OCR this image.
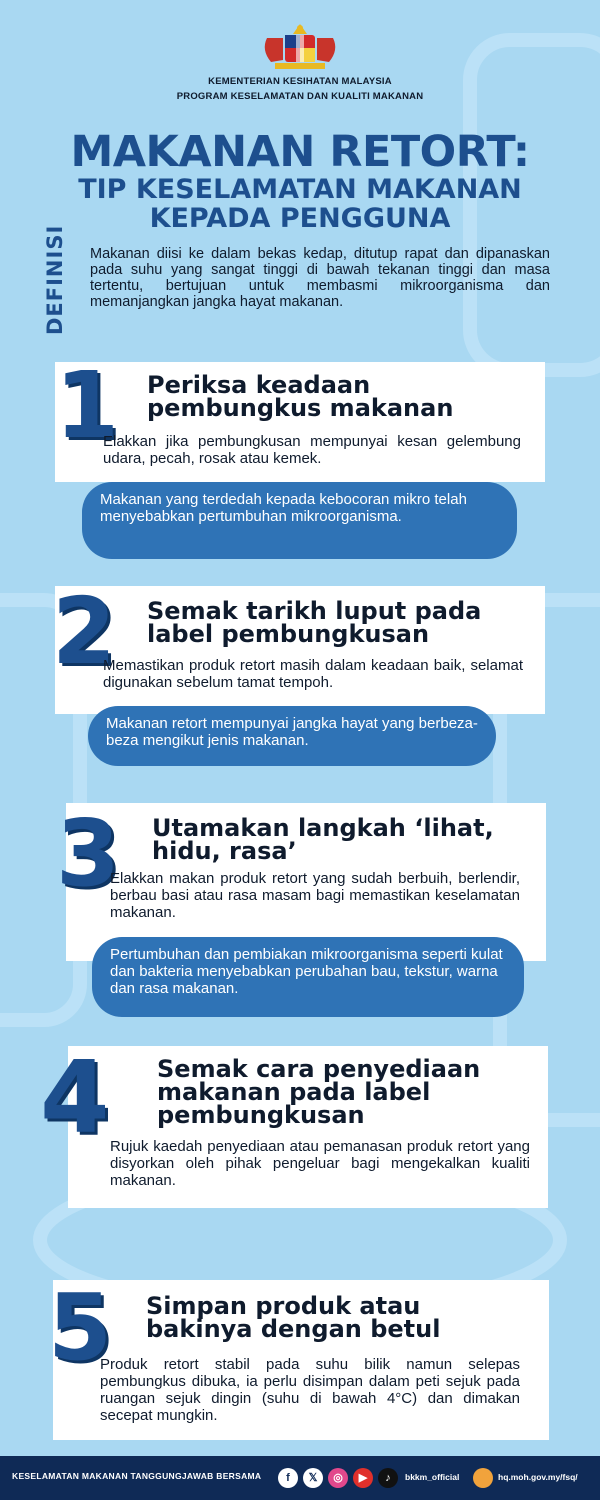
KEMENTERIAN KESIHATAN MALAYSIA
PROGRAM KESELAMATAN DAN KUALITI MAKANAN
MAKANAN RETORT:
TIP KESELAMATAN MAKANAN
KEPADA PENGGUNA
DEFINISI Makanan diisi ke dalam bekas kedap, ditutup rapat dan dipanaskan pada suhu yang sangat tinggi di bawah tekanan tinggi dan masa tertentu, bertujuan untuk membasmi mikroorganisma dan memanjangkan jangka hayat makanan.
1 Periksa keadaan pembungkus makanan
Elakkan jika pembungkusan mempunyai kesan gelembung udara, pecah, rosak atau kemek.
Makanan yang terdedah kepada kebocoran mikro telah menyebabkan pertumbuhan mikroorganisma.
2 Semak tarikh luput pada label pembungkusan
Memastikan produk retort masih dalam keadaan baik, selamat digunakan sebelum tamat tempoh.
Makanan retort mempunyai jangka hayat yang berbeza-beza mengikut jenis makanan.
3 Utamakan langkah ‘lihat, hidu, rasa’
Elakkan makan produk retort yang sudah berbuih, berlendir, berbau basi atau rasa masam bagi memastikan keselamatan makanan.
Pertumbuhan dan pembiakan mikroorganisma seperti kulat dan bakteria menyebabkan perubahan bau, tekstur, warna dan rasa makanan.
4 Semak cara penyediaan makanan pada label pembungkusan
Rujuk kaedah penyediaan atau pemanasan produk retort yang disyorkan oleh pihak pengeluar bagi mengekalkan kualiti makanan.
5 Simpan produk atau bakinya dengan betul
Produk retort stabil pada suhu bilik namun selepas pembungkus dibuka, ia perlu disimpan dalam peti sejuk pada ruangan sejuk dingin (suhu di bawah 4°C) dan dimakan secepat mungkin.
KESELAMATAN MAKANAN TANGGUNGJAWAB BERSAMA	f	𝕏	◎	▶	♪	bkkm_official	hq.moh.gov.my/fsq/
